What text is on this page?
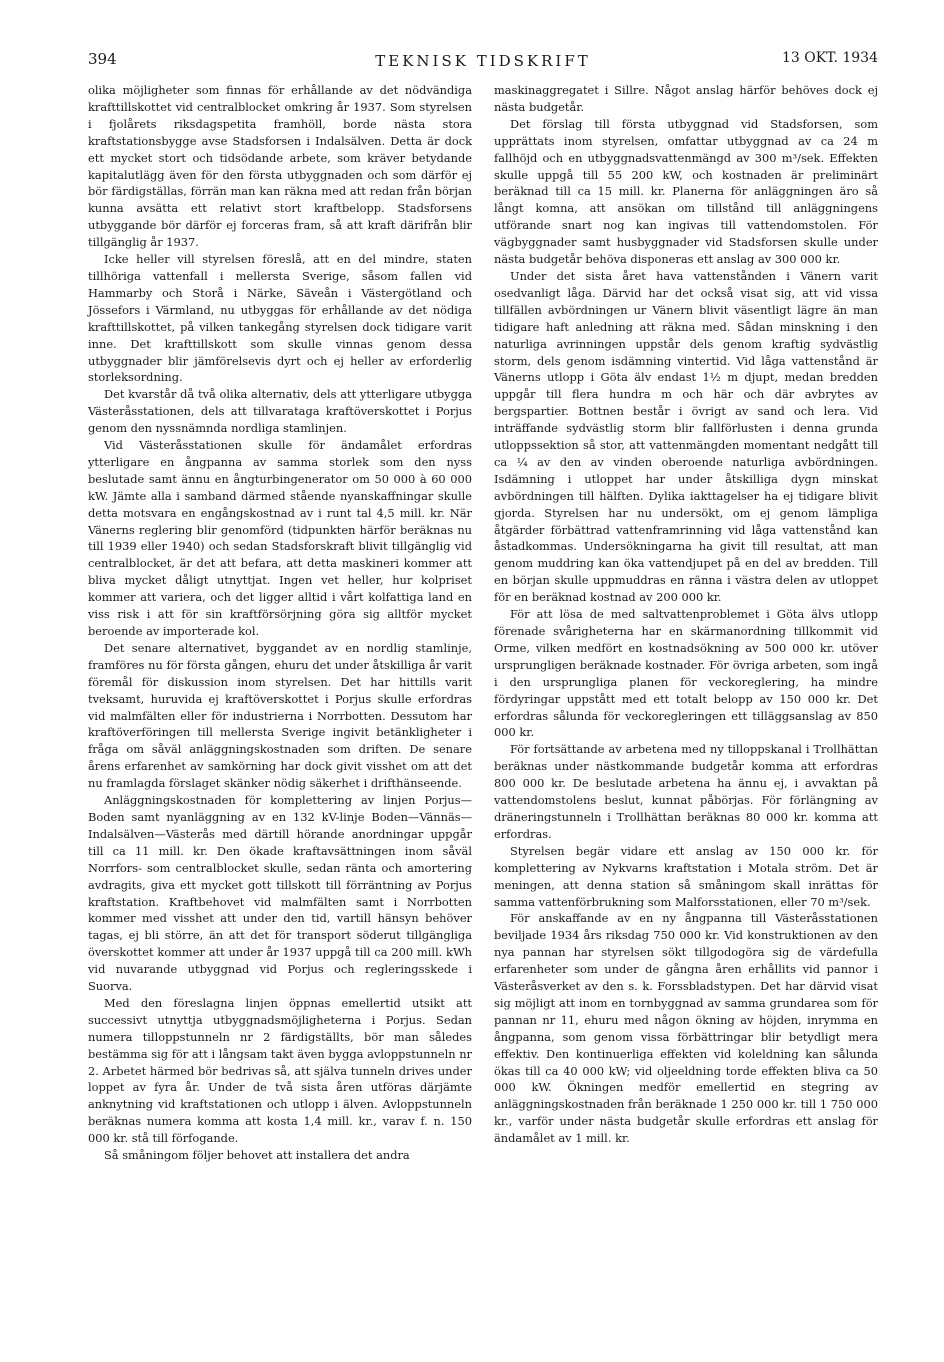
394	TEKNISK TIDSKRIFT	13 OKT. 1934

olika möjligheter som finnas för erhållande av det nödvändiga krafttillskottet vid centralblocket omkring år 1937. Som styrelsen i fjolårets riksdagspetita framhöll, borde nästa stora kraftstationsbygge avse Stadsforsen i Indalsälven. Detta är dock ett mycket stort och tidsödande arbete, som kräver betydande kapitalutlägg även för den första utbyggnaden och som därför ej bör färdigställas, förrän man kan räkna med att redan från början kunna avsätta ett relativt stort kraftbelopp. Stadsforsens utbyggande bör därför ej forceras fram, så att kraft därifrån blir tillgänglig år 1937.

Icke heller vill styrelsen föreslå, att en del mindre, staten tillhöriga vattenfall i mellersta Sverige, såsom fallen vid Hammarby och Storå i Närke, Säveån i Västergötland och Jössefors i Värmland, nu utbyggas för erhållande av det nödiga krafttillskottet, på vilken tankegång styrelsen dock tidigare varit inne. Det krafttillskott som skulle vinnas genom dessa utbyggnader blir jämförelsevis dyrt och ej heller av erforderlig storleksordning.

Det kvarstår då två olika alternativ, dels att ytterligare utbygga Västeråsstationen, dels att tillvarataga kraftöverskottet i Porjus genom den nyssnämnda nordliga stamlinjen.

Vid Västeråsstationen skulle för ändamålet erfordras ytterligare en ångpanna av samma storlek som den nyss beslutade samt ännu en ångturbingenerator om 50 000 à 60 000 kW. Jämte alla i samband därmed stående nyanskaffningar skulle detta motsvara en engångskostnad av i runt tal 4,5 mill. kr. När Vänerns reglering blir genomförd (tidpunkten härför beräknas nu till 1939 eller 1940) och sedan Stadsforskraft blivit tillgänglig vid centralblocket, är det att befara, att detta maskineri kommer att bliva mycket dåligt utnyttjat. Ingen vet heller, hur kolpriset kommer att variera, och det ligger alltid i vårt kolfattiga land en viss risk i att för sin kraftförsörjning göra sig alltför mycket beroende av importerade kol.

Det senare alternativet, byggandet av en nordlig stamlinje, framföres nu för första gången, ehuru det under åtskilliga år varit föremål för diskussion inom styrelsen. Det har hittills varit tveksamt, huruvida ej kraftöverskottet i Porjus skulle erfordras vid malmfälten eller för industrierna i Norrbotten. Dessutom har kraftöverföringen till mellersta Sverige ingivit betänkligheter i fråga om såväl anläggningskostnaden som driften. De senare årens erfarenhet av samkörning har dock givit visshet om att det nu framlagda förslaget skänker nödig säkerhet i drifthänseende.

Anläggningskostnaden för komplettering av linjen Porjus—Boden samt nyanläggning av en 132 kV-linje Boden—Vännäs—Indalsälven—Västerås med därtill hörande anordningar uppgår till ca 11 mill. kr. Den ökade kraftavsättningen inom såväl Norrfors- som centralblocket skulle, sedan ränta och amortering avdragits, giva ett mycket gott tillskott till förräntning av Porjus kraftstation. Kraftbehovet vid malmfälten samt i Norrbotten kommer med visshet att under den tid, vartill hänsyn behöver tagas, ej bli större, än att det för transport söderut tillgängliga överskottet kommer att under år 1937 uppgå till ca 200 mill. kWh vid nuvarande utbyggnad vid Porjus och regleringsskede i Suorva.

Med den föreslagna linjen öppnas emellertid utsikt att successivt utnyttja utbyggnadsmöjligheterna i Porjus. Sedan numera tilloppstunneln nr 2 färdigställts, bör man således bestämma sig för att i långsam takt även bygga avloppstunneln nr 2. Arbetet härmed bör bedrivas så, att själva tunneln drives under loppet av fyra år. Under de två sista åren utföras därjämte anknytning vid kraftstationen och utlopp i älven. Avloppstunneln beräknas numera komma att kosta 1,4 mill. kr., varav f. n. 150 000 kr. stå till förfogande.

Så småningom följer behovet att installera det andra

maskinaggregatet i Sillre. Något anslag härför behöves dock ej nästa budgetår.

Det förslag till första utbyggnad vid Stadsforsen, som upprättats inom styrelsen, omfattar utbyggnad av ca 24 m fallhöjd och en utbyggnadsvattenmängd av 300 m³/sek. Effekten skulle uppgå till 55 200 kW, och kostnaden är preliminärt beräknad till ca 15 mill. kr. Planerna för anläggningen äro så långt komna, att ansökan om tillstånd till anläggningens utförande snart nog kan ingivas till vattendomstolen. För vägbyggnader samt husbyggnader vid Stadsforsen skulle under nästa budgetår behöva disponeras ett anslag av 300 000 kr.

Under det sista året hava vattenstånden i Vänern varit osedvanligt låga. Därvid har det också visat sig, att vid vissa tillfällen avbördningen ur Vänern blivit väsentligt lägre än man tidigare haft anledning att räkna med. Sådan minskning i den naturliga avrinningen uppstår dels genom kraftig sydvästlig storm, dels genom isdämning vintertid. Vid låga vattenstånd är Vänerns utlopp i Göta älv endast 1½ m djupt, medan bredden uppgår till flera hundra m och här och där avbrytes av bergspartier. Bottnen består i övrigt av sand och lera. Vid inträffande sydvästlig storm blir fallförlusten i denna grunda utloppssektion så stor, att vattenmängden momentant nedgått till ca ¼ av den av vinden oberoende naturliga avbördningen. Isdämning i utloppet har under åtskilliga dygn minskat avbördningen till hälften. Dylika iakttagelser ha ej tidigare blivit gjorda. Styrelsen har nu undersökt, om ej genom lämpliga åtgärder förbättrad vattenframrinning vid låga vattenstånd kan åstadkommas. Undersökningarna ha givit till resultat, att man genom muddring kan öka vattendjupet på en del av bredden. Till en början skulle uppmuddras en ränna i västra delen av utloppet för en beräknad kostnad av 200 000 kr.

För att lösa de med saltvattenproblemet i Göta älvs utlopp förenade svårigheterna har en skärmanordning tillkommit vid Orme, vilken medfört en kostnadsökning av 500 000 kr. utöver ursprungligen beräknade kostnader. För övriga arbeten, som ingå i den ursprungliga planen för veckoreglering, ha mindre fördyringar uppstått med ett totalt belopp av 150 000 kr. Det erfordras sålunda för veckoregleringen ett tilläggsanslag av 850 000 kr.

För fortsättande av arbetena med ny tilloppskanal i Trollhättan beräknas under nästkommande budgetår komma att erfordras 800 000 kr. De beslutade arbetena ha ännu ej, i avvaktan på vattendomstolens beslut, kunnat påbörjas. För förlängning av dräneringstunneln i Trollhättan beräknas 80 000 kr. komma att erfordras.

Styrelsen begär vidare ett anslag av 150 000 kr. för komplettering av Nykvarns kraftstation i Motala ström. Det är meningen, att denna station så småningom skall inrättas för samma vattenförbrukning som Malforsstationen, eller 70 m³/sek.

För anskaffande av en ny ångpanna till Västeråsstationen beviljade 1934 års riksdag 750 000 kr. Vid konstruktionen av den nya pannan har styrelsen sökt tillgodogöra sig de värdefulla erfarenheter som under de gångna åren erhållits vid pannor i Västeråsverket av den s. k. Forssbladstypen. Det har därvid visat sig möjligt att inom en tornbyggnad av samma grundarea som för pannan nr 11, ehuru med någon ökning av höjden, inrymma en ångpanna, som genom vissa förbättringar blir betydligt mera effektiv. Den kontinuerliga effekten vid koleldning kan sålunda ökas till ca 40 000 kW; vid oljeeldning torde effekten bliva ca 50 000 kW. Ökningen medför emellertid en stegring av anläggningskostnaden från beräknade 1 250 000 kr. till 1 750 000 kr., varför under nästa budgetår skulle erfordras ett anslag för ändamålet av 1 mill. kr.
